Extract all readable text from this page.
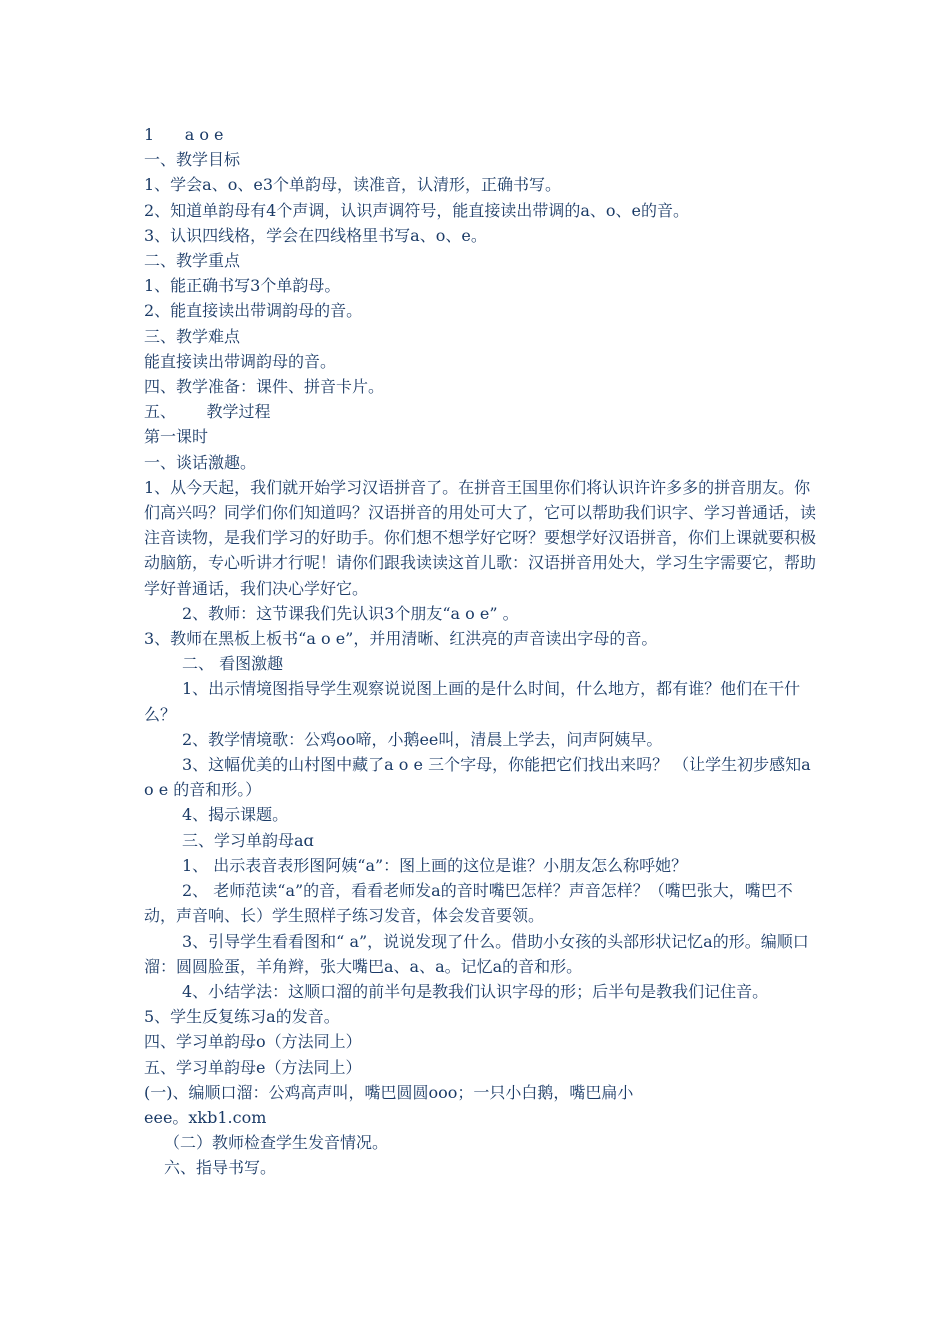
1      a o e
一、教学目标
1、学会a、o、e3个单韵母，读准音，认清形，正确书写。
2、知道单韵母有4个声调，认识声调符号，能直接读出带调的a、o、e的音。
3、认识四线格，学会在四线格里书写a、o、e。
二、教学重点
1、能正确书写3个单韵母。
2、能直接读出带调韵母的音。
三、教学难点
能直接读出带调韵母的音。
四、教学准备：课件、拼音卡片。
五、      教学过程
第一课时
一、谈话激趣。
1、从今天起，我们就开始学习汉语拼音了。在拼音王国里你们将认识许许多多的拼音朋友。你们高兴吗？同学们你们知道吗？汉语拼音的用处可大了，它可以帮助我们识字、学习普通话，读注音读物，是我们学习的好助手。你们想不想学好它呀？要想学好汉语拼音，你们上课就要积极动脑筋，专心听讲才行呢！请你们跟我读读这首儿歌：汉语拼音用处大，学习生字需要它，帮助学好普通话，我们决心学好它。
2、教师：这节课我们先认识3个朋友“a o e” 。
3、教师在黑板上板书“a o e”，并用清晰、红洪亮的声音读出字母的音。
二、 看图激趣
1、出示情境图指导学生观察说说图上画的是什么时间，什么地方，都有谁？他们在干什么？
2、教学情境歌：公鸡oo啼，小鹅ee叫，清晨上学去，问声阿姨早。
3、这幅优美的山村图中藏了a o e 三个字母，你能把它们找出来吗？ （让学生初步感知a o e 的音和形。）
4、揭示课题。
三、学习单韵母aɑ
1、 出示表音表形图阿姨“a”：图上画的这位是谁？小朋友怎么称呼她？
2、 老师范读“a”的音，看看老师发a的音时嘴巴怎样？声音怎样？（嘴巴张大，嘴巴不动，声音响、长）学生照样子练习发音，体会发音要领。
3、引导学生看看图和“ a”，说说发现了什么。借助小女孩的头部形状记忆a的形。编顺口溜：圆圆脸蛋，羊角辫，张大嘴巴a、a、a。记忆a的音和形。
4、小结学法：这顺口溜的前半句是教我们认识字母的形；后半句是教我们记住音。
5、学生反复练习a的发音。
四、学习单韵母o（方法同上）
五、学习单韵母e（方法同上）
(一)、编顺口溜：公鸡高声叫，嘴巴圆圆ooo；一只小白鹅，嘴巴扁小
eee。xkb1.com
（二）教师检查学生发音情况。
六、指导书写。
